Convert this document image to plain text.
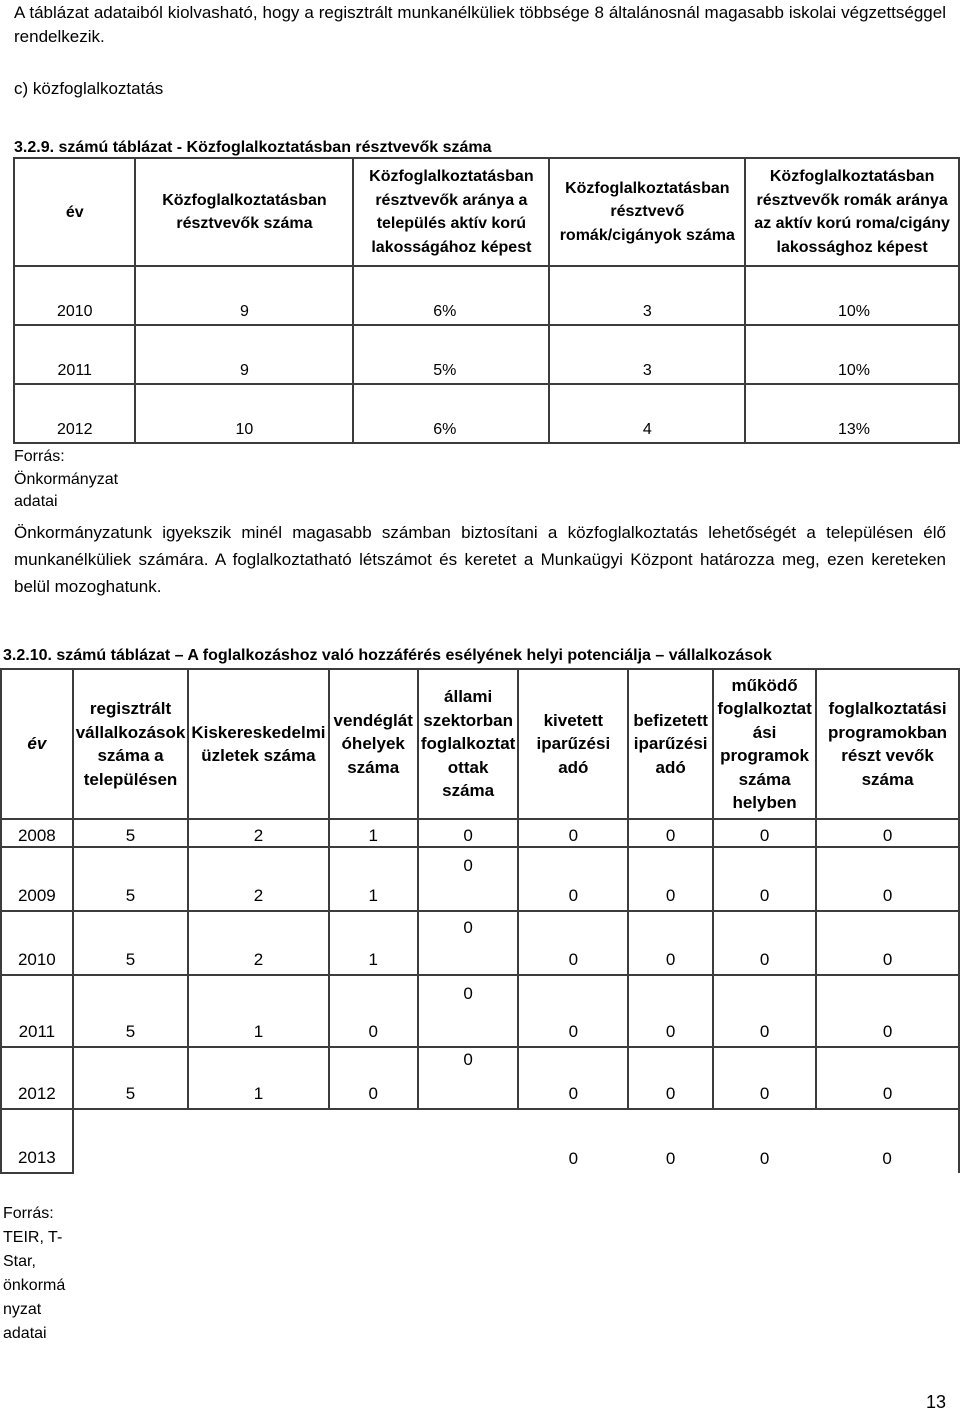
A táblázat adataiból kiolvasható, hogy a regisztrált munkanélküliek többsége 8 általánosnál magasabb iskolai végzettséggel rendelkezik.
c) közfoglalkoztatás
3.2.9. számú táblázat - Közfoglalkoztatásban résztvevők száma
év	Közfoglalkoztatásban résztvevők száma	Közfoglalkoztatásban résztvevők aránya a település aktív korú lakosságához képest	Közfoglalkoztatásban résztvevő romák/cigányok száma	Közfoglalkoztatásban résztvevők romák aránya az aktív korú roma/cigány lakossághoz képest
2010	9	6%	3	10%
2011	9	5%	3	10%
2012	10	6%	4	13%
Forrás:
Önkormányzat
adatai
Önkormányzatunk igyekszik minél magasabb számban biztosítani a közfoglalkoztatás lehetőségét a településen élő munkanélküliek számára. A foglalkoztatható létszámot és keretet a Munkaügyi Központ határozza meg, ezen kereteken belül mozoghatunk.
3.2.10. számú táblázat – A foglalkozáshoz való hozzáférés esélyének helyi potenciálja – vállalkozások
év	regisztrált vállalkozások száma a településen	Kiskereskedelmi üzletek száma	vendéglát óhelyek száma	állami szektorban foglalkoztat ottak száma	kivetett iparűzési adó	befizetett iparűzési adó	működő foglalkoztat ási programok száma helyben	foglalkoztatási programokban részt vevők száma
2008	5	2	1	0	0	0	0	0
2009	5	2	1	0	0	0	0	0
2010	5	2	1	0	0	0	0	0
2011	5	1	0	0	0	0	0	0
2012	5	1	0	0	0	0	0	0
2013					0	0	0	0
Forrás:
TEIR, T-
Star,
önkormá
nyzat
adatai
13
